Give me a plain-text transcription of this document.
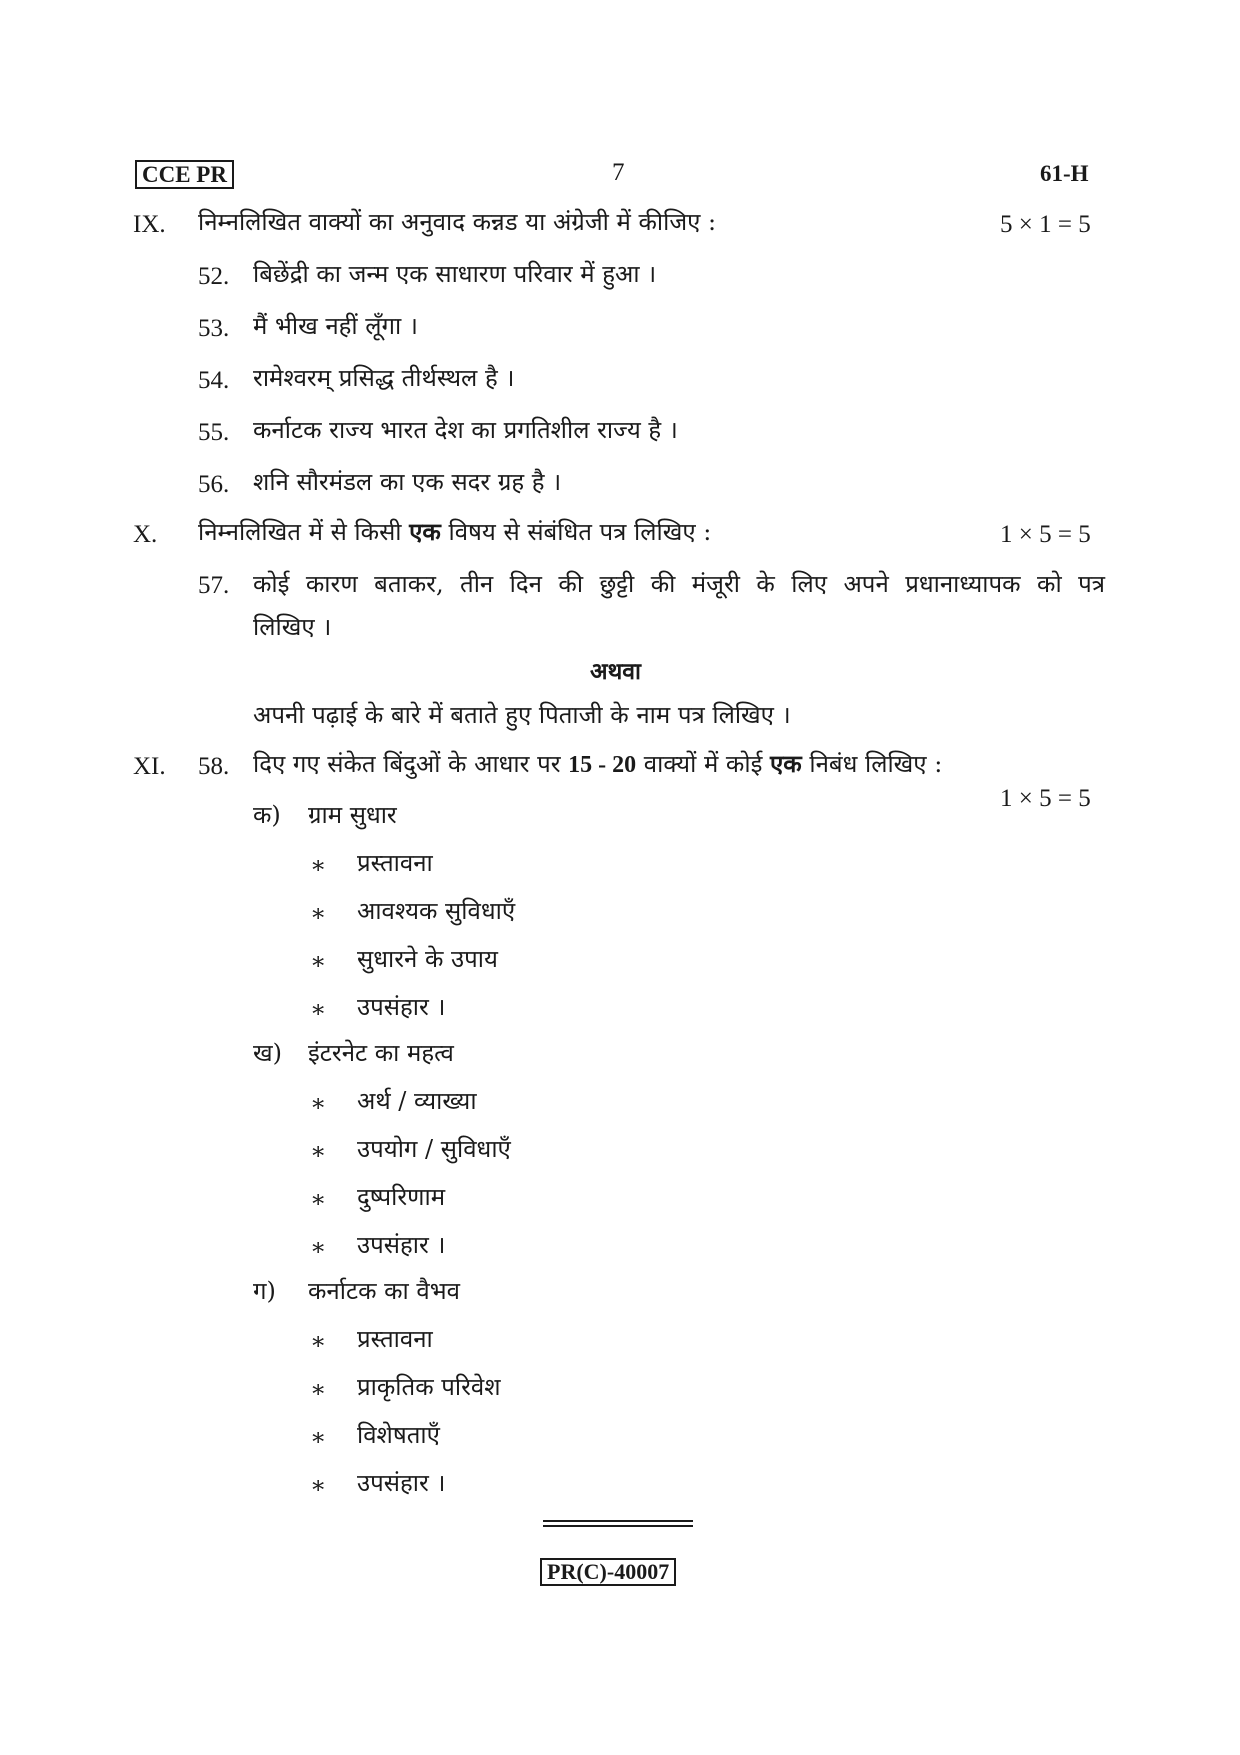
CCE PR	7	61-H
IX. निम्नलिखित वाक्यों का अनुवाद कन्नड या अंग्रेजी में कीजिए :	5 × 1 = 5
52. बिछेंद्री का जन्म एक साधारण परिवार में हुआ ।
53. मैं भीख नहीं लूँगा ।
54. रामेश्वरम् प्रसिद्ध तीर्थस्थल है ।
55. कर्नाटक राज्य भारत देश का प्रगतिशील राज्य है ।
56. शनि सौरमंडल का एक सदर ग्रह है ।
X. निम्नलिखित में से किसी एक विषय से संबंधित पत्र लिखिए :	1 × 5 = 5
57. कोई कारण बताकर, तीन दिन की छुट्टी की मंजूरी के लिए अपने प्रधानाध्यापक को पत्र
लिखिए ।
अथवा
अपनी पढ़ाई के बारे में बताते हुए पिताजी के नाम पत्र लिखिए ।
XI. 58. दिए गए संकेत बिंदुओं के आधार पर 15 - 20 वाक्यों में कोई एक निबंध लिखिए :
1 × 5 = 5
क) ग्राम सुधार
∗ प्रस्तावना
∗ आवश्यक सुविधाएँ
∗ सुधारने के उपाय
∗ उपसंहार ।
ख) इंटरनेट का महत्व
∗ अर्थ / व्याख्या
∗ उपयोग / सुविधाएँ
∗ दुष्परिणाम
∗ उपसंहार ।
ग) कर्नाटक का वैभव
∗ प्रस्तावना
∗ प्राकृतिक परिवेश
∗ विशेषताएँ
∗ उपसंहार ।
PR(C)-40007
